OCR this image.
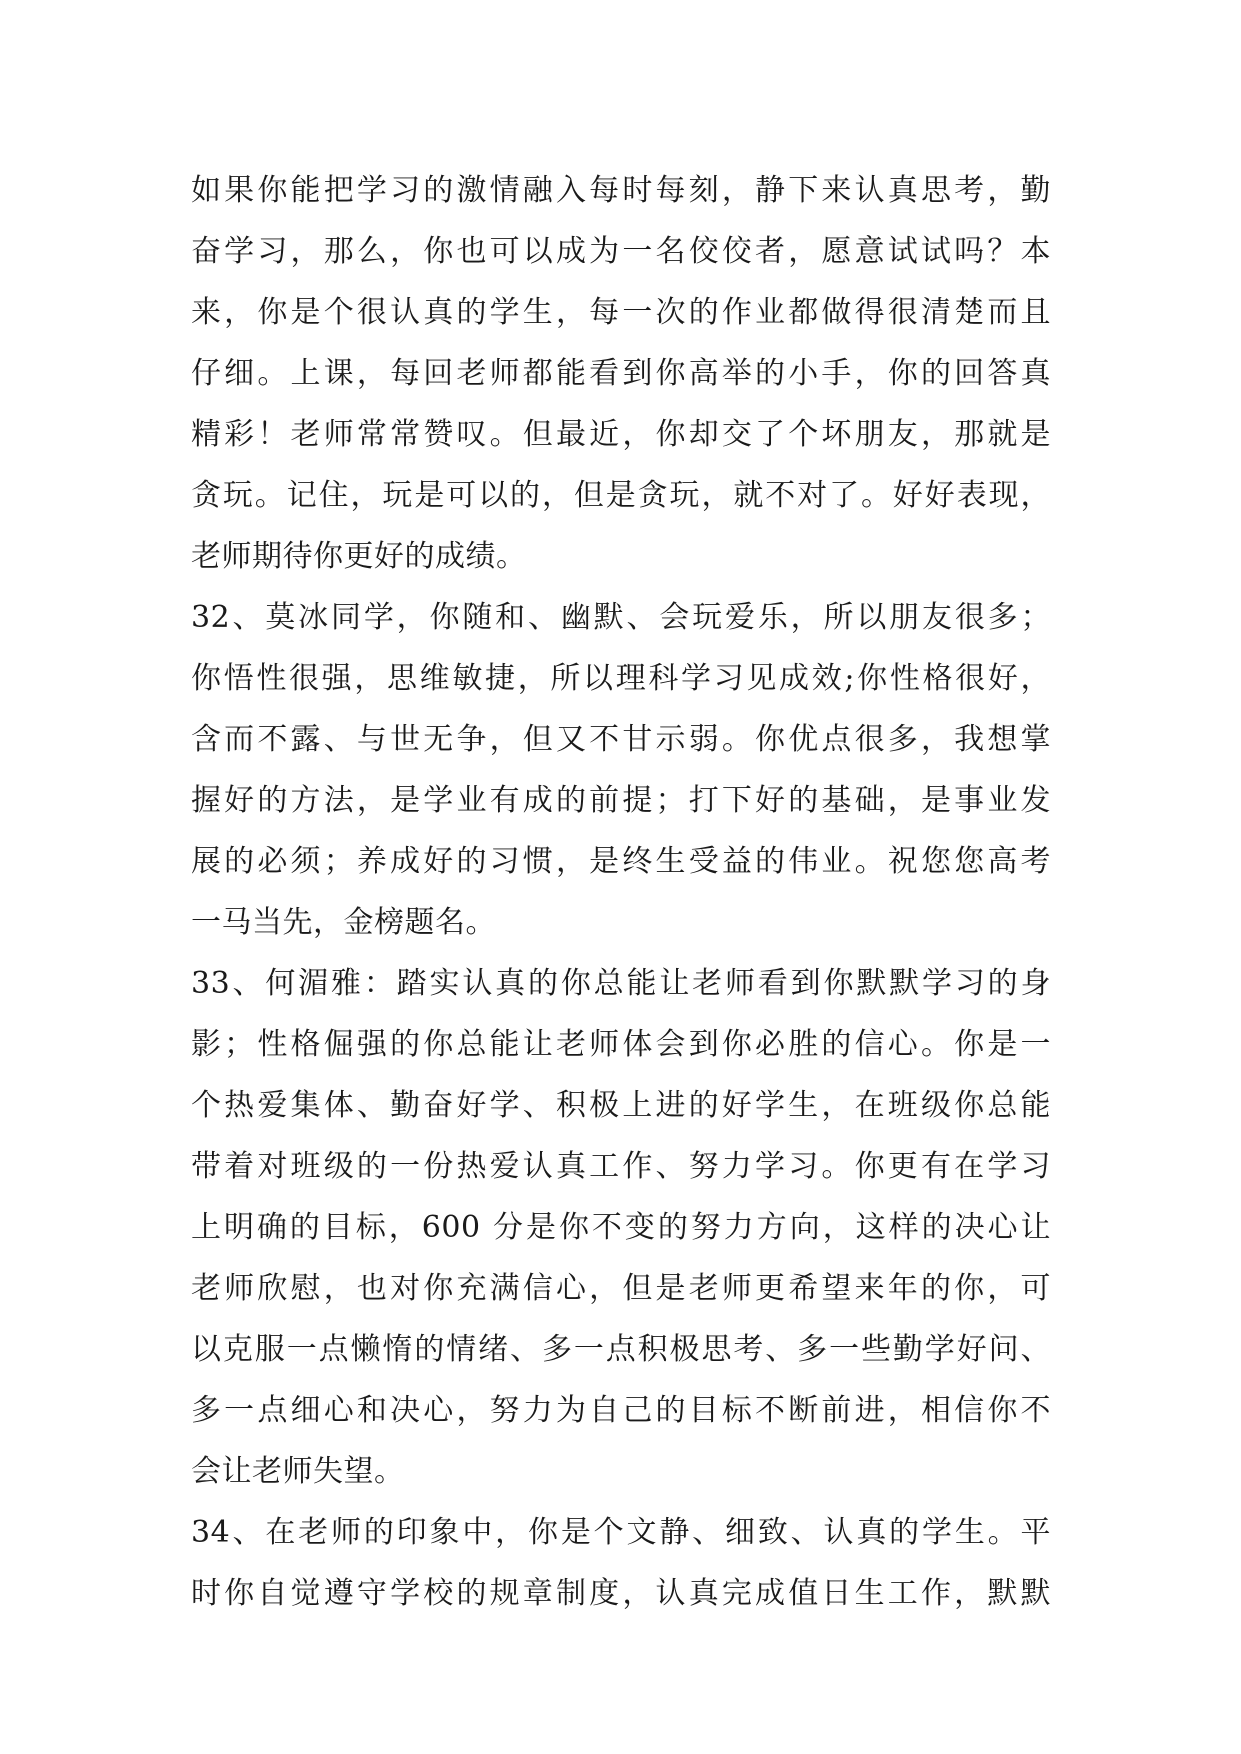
如果你能把学习的激情融入每时每刻，静下来认真思考，勤
奋学习，那么，你也可以成为一名佼佼者，愿意试试吗？本
来，你是个很认真的学生，每一次的作业都做得很清楚而且
仔细。上课，每回老师都能看到你高举的小手，你的回答真
精彩！老师常常赞叹。但最近，你却交了个坏朋友，那就是
贪玩。记住，玩是可以的，但是贪玩，就不对了。好好表现，
老师期待你更好的成绩。
32、莫冰同学，你随和、幽默、会玩爱乐，所以朋友很多；
你悟性很强，思维敏捷，所以理科学习见成效;你性格很好，
含而不露、与世无争，但又不甘示弱。你优点很多，我想掌
握好的方法，是学业有成的前提；打下好的基础，是事业发
展的必须；养成好的习惯，是终生受益的伟业。祝您您高考
一马当先，金榜题名。
33、何湄雅：踏实认真的你总能让老师看到你默默学习的身
影；性格倔强的你总能让老师体会到你必胜的信心。你是一
个热爱集体、勤奋好学、积极上进的好学生，在班级你总能
带着对班级的一份热爱认真工作、努力学习。你更有在学习
上明确的目标，600 分是你不变的努力方向，这样的决心让
老师欣慰，也对你充满信心，但是老师更希望来年的你，可
以克服一点懒惰的情绪、多一点积极思考、多一些勤学好问、
多一点细心和决心，努力为自己的目标不断前进，相信你不
会让老师失望。
34、在老师的印象中，你是个文静、细致、认真的学生。平
时你自觉遵守学校的规章制度，认真完成值日生工作，默默
